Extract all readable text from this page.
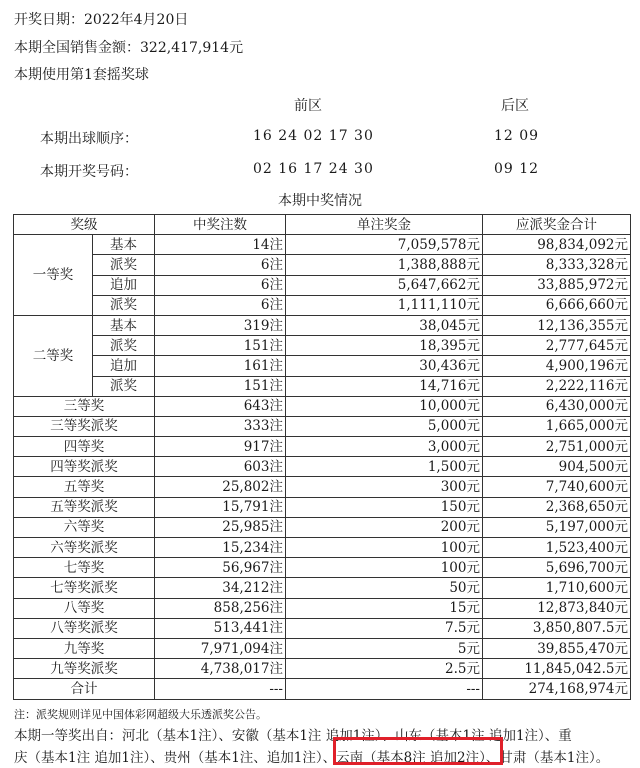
开奖日期：2022年4月20日
本期全国销售金额：322,417,914元
本期使用第1套摇奖球
前区	后区
本期出球顺序：	16 24 02 17 30	12 09
本期开奖号码：	02 16 17 24 30	09 12
本期中奖情况
奖级		中奖注数	单注奖金	应派奖金合计
一等奖	基本	14注	7,059,578元	98,834,092元
	派奖	6注	1,388,888元	8,333,328元
	追加	6注	5,647,662元	33,885,972元
	派奖	6注	1,111,110元	6,666,660元
二等奖	基本	319注	38,045元	12,136,355元
	派奖	151注	18,395元	2,777,645元
	追加	161注	30,436元	4,900,196元
	派奖	151注	14,716元	2,222,116元
三等奖		643注	10,000元	6,430,000元
三等奖派奖		333注	5,000元	1,665,000元
四等奖		917注	3,000元	2,751,000元
四等奖派奖		603注	1,500元	904,500元
五等奖		25,802注	300元	7,740,600元
五等奖派奖		15,791注	150元	2,368,650元
六等奖		25,985注	200元	5,197,000元
六等奖派奖		15,234注	100元	1,523,400元
七等奖		56,967注	100元	5,696,700元
七等奖派奖		34,212注	50元	1,710,600元
八等奖		858,256注	15元	12,873,840元
八等奖派奖		513,441注	7.5元	3,850,807.5元
九等奖		7,971,094注	5元	39,855,470元
九等奖派奖		4,738,017注	2.5元	11,845,042.5元
合计		---	---	274,168,974元
注：派奖规则详见中国体彩网超级大乐透派奖公告。
本期一等奖出自：河北（基本1注）、安徽（基本1注 追加1注）、山东（基本1注 追加1注）、重
庆（基本1注 追加1注）、贵州（基本1注、追加1注）、云南（基本8注 追加2注）、甘肃（基本1注）。
